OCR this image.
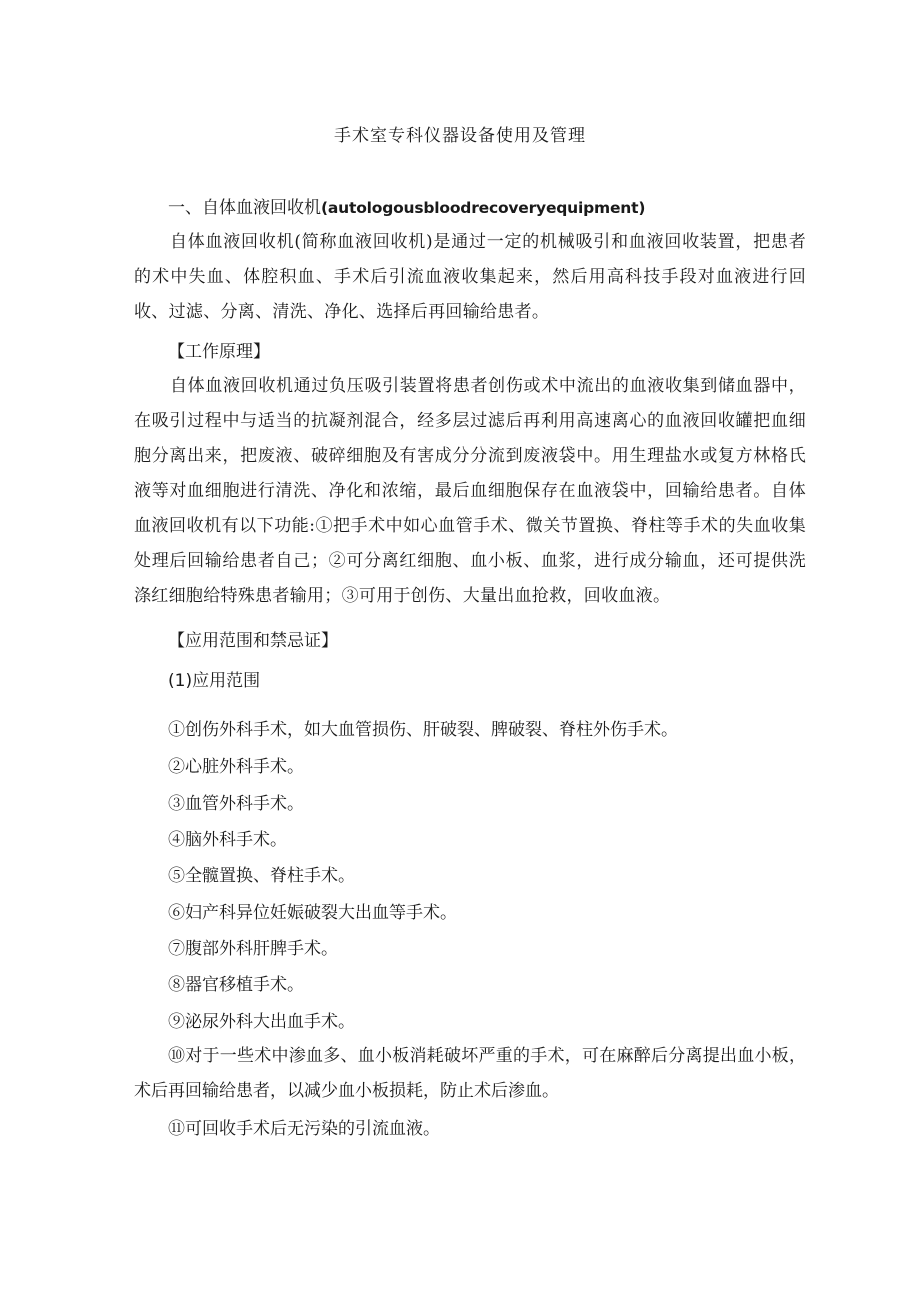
手术室专科仪器设备使用及管理
一、自体血液回收机(autologousbloodrecoveryequipment)
自体血液回收机(简称血液回收机)是通过一定的机械吸引和血液回收装置，把患者的术中失血、体腔积血、手术后引流血液收集起来，然后用高科技手段对血液进行回收、过滤、分离、清洗、净化、选择后再回输给患者。
【工作原理】
自体血液回收机通过负压吸引装置将患者创伤或术中流出的血液收集到储血器中，在吸引过程中与适当的抗凝剂混合，经多层过滤后再利用高速离心的血液回收罐把血细胞分离出来，把废液、破碎细胞及有害成分分流到废液袋中。用生理盐水或复方林格氏液等对血细胞进行清洗、净化和浓缩，最后血细胞保存在血液袋中，回输给患者。自体血液回收机有以下功能:①把手术中如心血管手术、微关节置换、脊柱等手术的失血收集处理后回输给患者自己；②可分离红细胞、血小板、血浆，进行成分输血，还可提供洗涤红细胞给特殊患者输用；③可用于创伤、大量出血抢救，回收血液。
【应用范围和禁忌证】
(1)应用范围
①创伤外科手术，如大血管损伤、肝破裂、脾破裂、脊柱外伤手术。
②心脏外科手术。
③血管外科手术。
④脑外科手术。
⑤全髋置换、脊柱手术。
⑥妇产科异位妊娠破裂大出血等手术。
⑦腹部外科肝脾手术。
⑧器官移植手术。
⑨泌尿外科大出血手术。
⑩对于一些术中渗血多、血小板消耗破坏严重的手术，可在麻醉后分离提出血小板，术后再回输给患者，以减少血小板损耗，防止术后渗血。
⑪可回收手术后无污染的引流血液。
